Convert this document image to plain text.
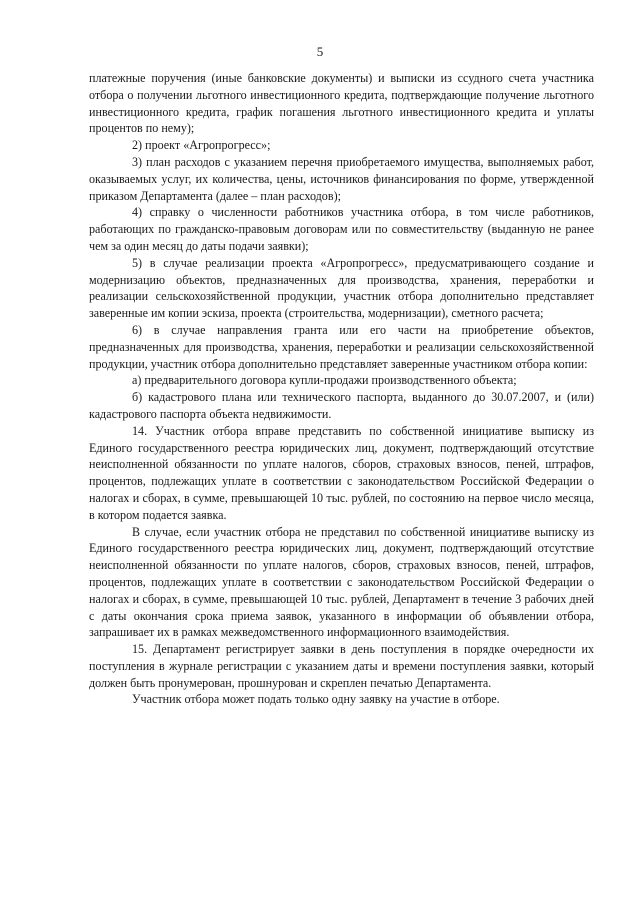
5

платежные поручения (иные банковские документы) и выписки из ссудного счета участника отбора о получении льготного инвестиционного кредита, подтверждающие получение льготного инвестиционного кредита, график погашения льготного инвестиционного кредита и уплаты процентов по нему);

2) проект «Агропрогресс»;

3) план расходов с указанием перечня приобретаемого имущества, выполняемых работ, оказываемых услуг, их количества, цены, источников финансирования по форме, утвержденной приказом Департамента (далее – план расходов);

4) справку о численности работников участника отбора, в том числе работников, работающих по гражданско-правовым договорам или по совместительству (выданную не ранее чем за один месяц до даты подачи заявки);

5) в случае реализации проекта «Агропрогресс», предусматривающего создание и модернизацию объектов, предназначенных для производства, хранения, переработки и реализации сельскохозяйственной продукции, участник отбора дополнительно представляет заверенные им копии эскиза, проекта (строительства, модернизации), сметного расчета;

6) в случае направления гранта или его части на приобретение объектов, предназначенных для производства, хранения, переработки и реализации сельскохозяйственной продукции, участник отбора дополнительно представляет заверенные участником отбора копии:

а) предварительного договора купли-продажи производственного объекта;

б) кадастрового плана или технического паспорта, выданного до 30.07.2007, и (или) кадастрового паспорта объекта недвижимости.

14. Участник отбора вправе представить по собственной инициативе выписку из Единого государственного реестра юридических лиц, документ, подтверждающий отсутствие неисполненной обязанности по уплате налогов, сборов, страховых взносов, пеней, штрафов, процентов, подлежащих уплате в соответствии с законодательством Российской Федерации о налогах и сборах, в сумме, превышающей 10 тыс. рублей, по состоянию на первое число месяца, в котором подается заявка.

В случае, если участник отбора не представил по собственной инициативе выписку из Единого государственного реестра юридических лиц, документ, подтверждающий отсутствие неисполненной обязанности по уплате налогов, сборов, страховых взносов, пеней, штрафов, процентов, подлежащих уплате в соответствии с законодательством Российской Федерации о налогах и сборах, в сумме, превышающей 10 тыс. рублей, Департамент в течение 3 рабочих дней с даты окончания срока приема заявок, указанного в информации об объявлении отбора, запрашивает их в рамках межведомственного информационного взаимодействия.

15. Департамент регистрирует заявки в день поступления в порядке очередности их поступления в журнале регистрации с указанием даты и времени поступления заявки, который должен быть пронумерован, прошнурован и скреплен печатью Департамента.

Участник отбора может подать только одну заявку на участие в отборе.
